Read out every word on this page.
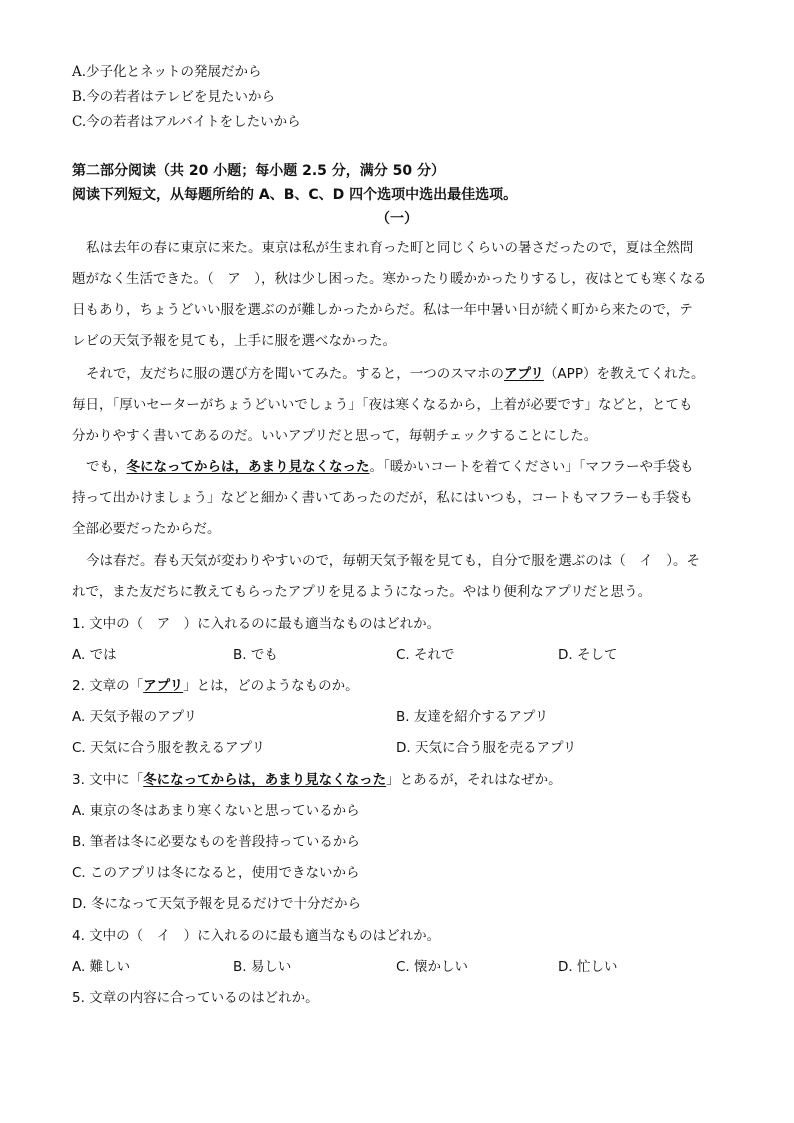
A.少子化とネットの発展だから
B.今の若者はテレビを見たいから
C.今の若者はアルバイトをしたいから
第二部分阅读（共 20 小题；每小题 2.5 分，满分 50 分）
阅读下列短文，从每题所给的 A、B、C、D 四个选项中选出最佳选项。
（一）
私は去年の春に東京に来た。東京は私が生まれ育った町と同じくらいの暑さだったので，夏は全然問
題がなく生活できた。（　ア　），秋は少し困った。寒かったり暖かかったりするし，夜はとても寒くなる
日もあり，ちょうどいい服を選ぶのが難しかったからだ。私は一年中暑い日が続く町から来たので，テ
レビの天気予報を見ても，上手に服を選べなかった。
それで，友だちに服の選び方を聞いてみた。すると，一つのスマホのアプリ（APP）を教えてくれた。
毎日，「厚いセーターがちょうどいいでしょう」「夜は寒くなるから，上着が必要です」などと，とても
分かりやすく書いてあるのだ。いいアプリだと思って，毎朝チェックすることにした。
でも，冬になってからは，あまり見なくなった。「暖かいコートを着てください」「マフラーや手袋も
持って出かけましょう」などと細かく書いてあったのだが，私にはいつも，コートもマフラーも手袋も
全部必要だったからだ。
今は春だ。春も天気が変わりやすいので，毎朝天気予報を見ても，自分で服を選ぶのは（　イ　）。そ
れで，また友だちに教えてもらったアプリを見るようになった。やはり便利なアプリだと思う。
1. 文中の（　ア　）に入れるのに最も適当なものはどれか。
A. では	B. でも	C. それで	D. そして
2. 文章の「アプリ」とは，どのようなものか。
A. 天気予報のアプリ	B. 友達を紹介するアプリ
C. 天気に合う服を教えるアプリ	D. 天気に合う服を売るアプリ
3. 文中に「冬になってからは，あまり見なくなった」とあるが，それはなぜか。
A. 東京の冬はあまり寒くないと思っているから
B. 筆者は冬に必要なものを普段持っているから
C. このアプリは冬になると，使用できないから
D. 冬になって天気予報を見るだけで十分だから
4. 文中の（　イ　）に入れるのに最も適当なものはどれか。
A. 難しい	B. 易しい	C. 懐かしい	D. 忙しい
5. 文章の内容に合っているのはどれか。
